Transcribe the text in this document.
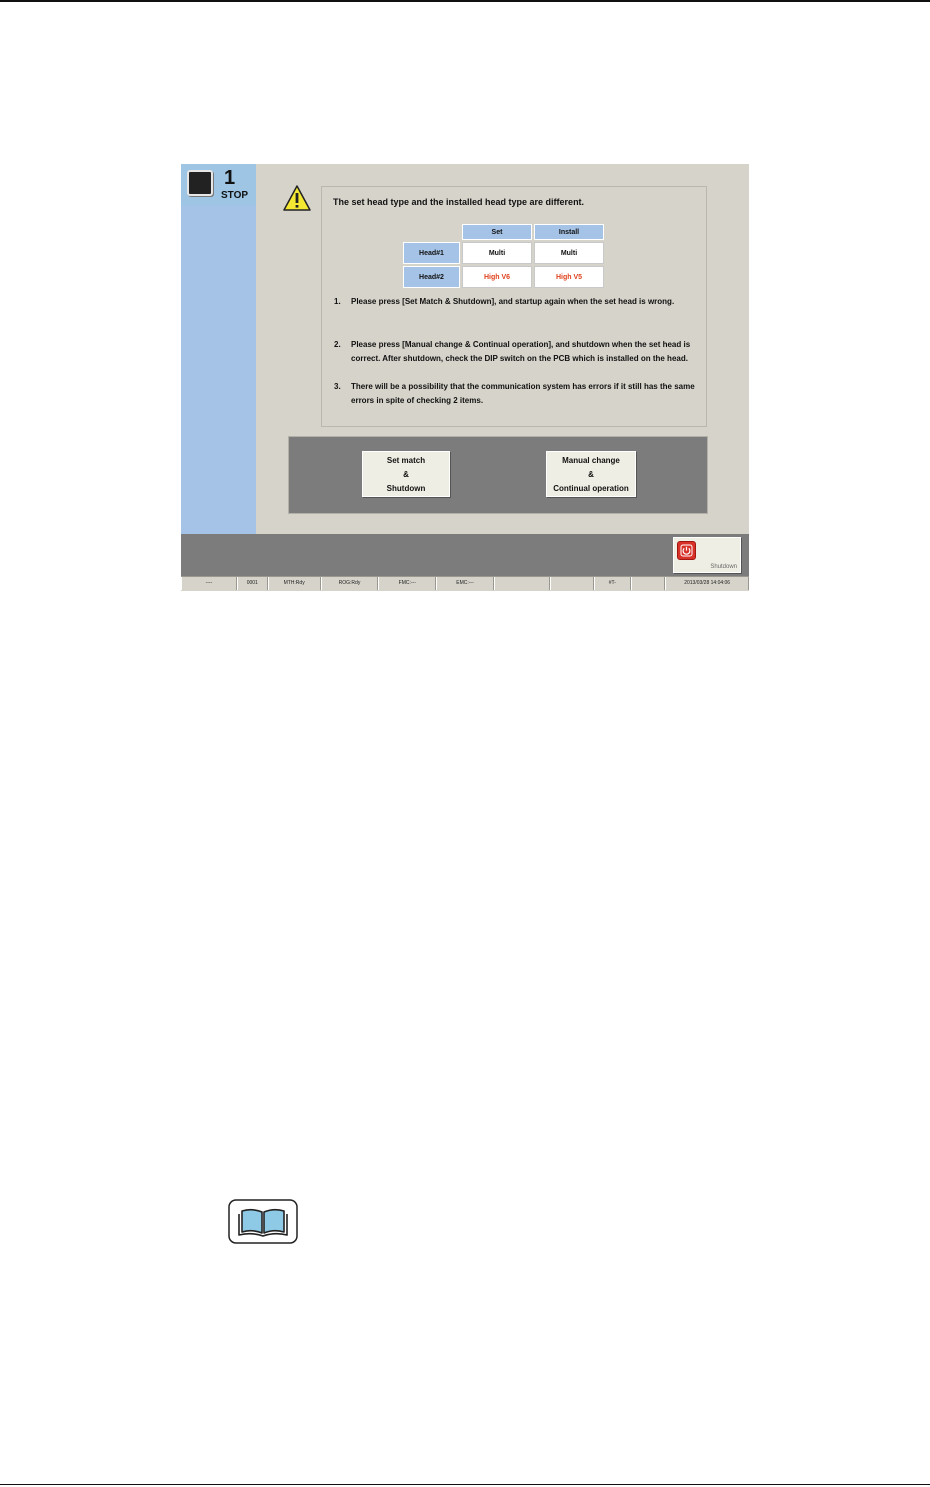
1
STOP
The set head type and the installed head type are different.
	Set	Install
Head#1	Multi	Multi
Head#2	High V6	High V5
1. Please press [Set Match & Shutdown], and startup again when the set head is wrong.
2. Please press [Manual change & Continual operation], and shutdown when the set head is correct. After shutdown, check the DIP switch on the PCB which is installed on the head.
3. There will be a possibility that the communication system has errors if it still has the same errors in spite of checking 2 items.
Set match
&
Shutdown
Manual change
&
Continual operation
Shutdown
----	0001	MTH:Rdy	ROG:Rdy	FMC:---	EMC:---	#T-	2013/03/28 14:04:06
